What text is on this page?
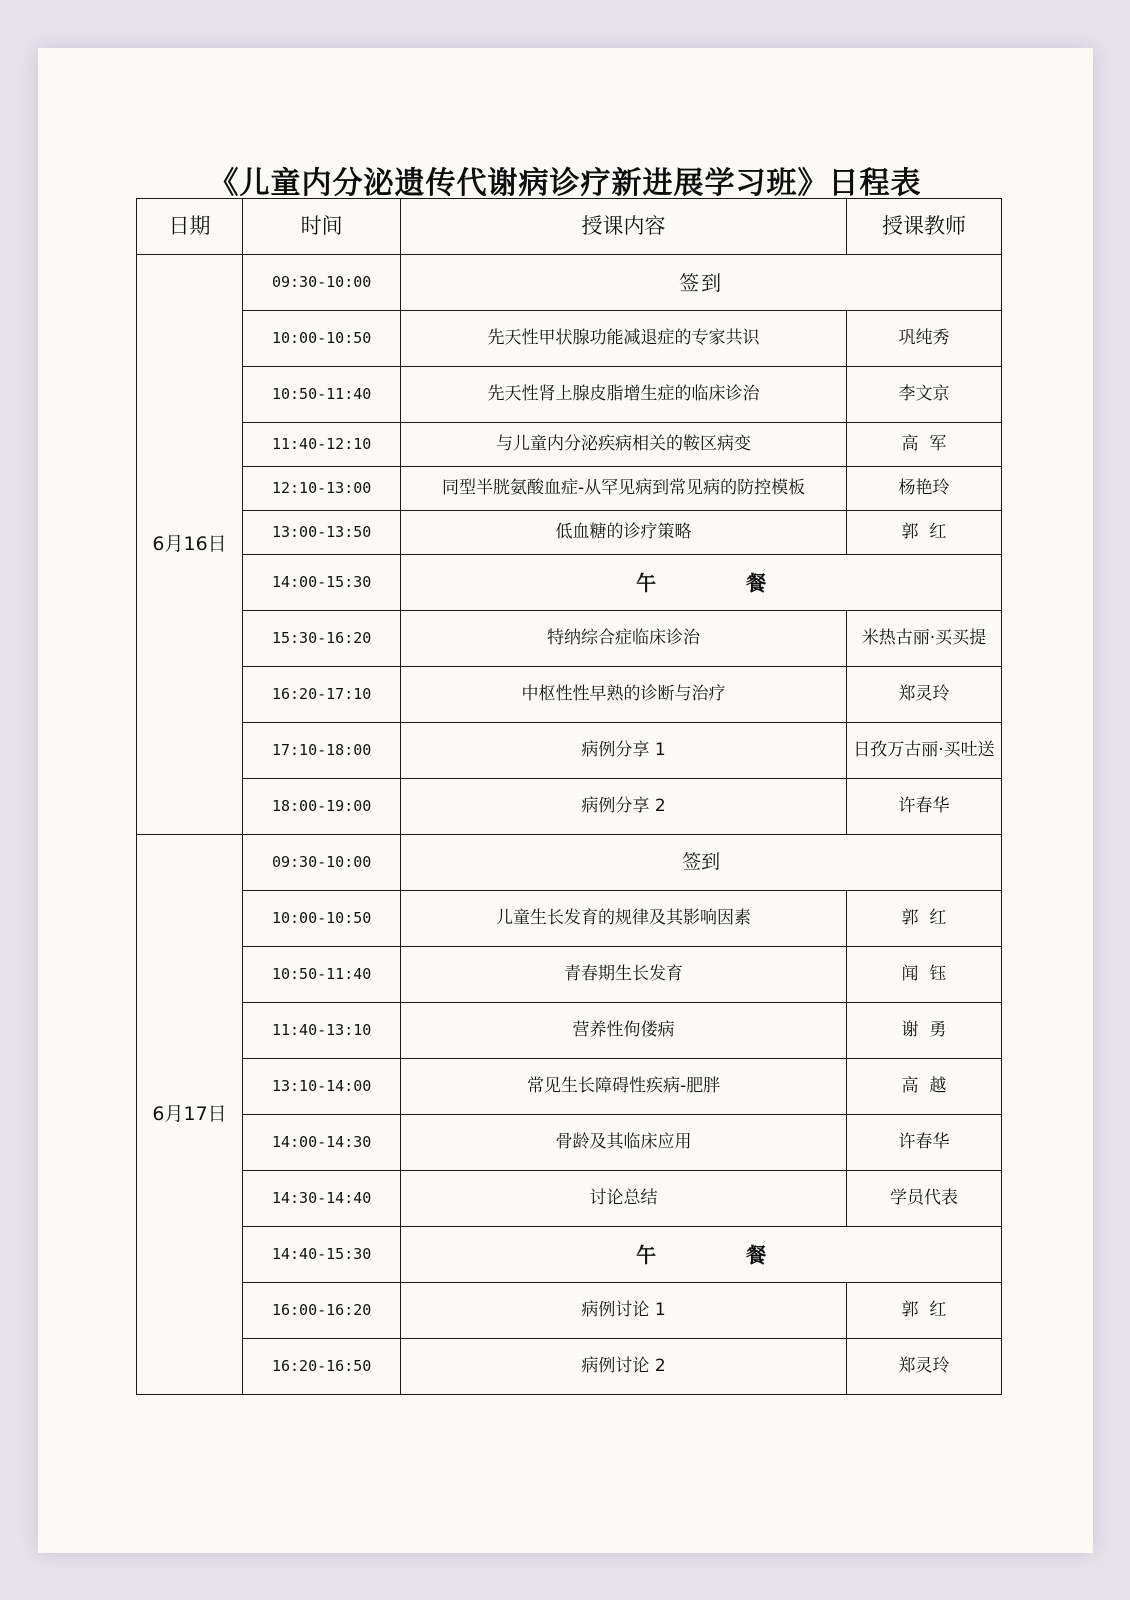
《儿童内分泌遗传代谢病诊疗新进展学习班》日程表
日期	时间	授课内容	授课教师
6月16日	09:30-10:00	签到	
	10:00-10:50	先天性甲状腺功能减退症的专家共识	巩纯秀
	10:50-11:40	先天性肾上腺皮脂增生症的临床诊治	李文京
	11:40-12:10	与儿童内分泌疾病相关的鞍区病变	高  军
	12:10-13:00	同型半胱氨酸血症-从罕见病到常见病的防控模板	杨艳玲
	13:00-13:50	低血糖的诊疗策略	郭  红
	14:00-15:30	午 餐	
	15:30-16:20	特纳综合症临床诊治	米热古丽·买买提
	16:20-17:10	中枢性性早熟的诊断与治疗	郑灵玲
	17:10-18:00	病例分享 1	日孜万古丽·买吐送
	18:00-19:00	病例分享 2	许春华
6月17日	09:30-10:00	签到	
	10:00-10:50	儿童生长发育的规律及其影响因素	郭  红
	10:50-11:40	青春期生长发育	闻  钰
	11:40-13:10	营养性佝偻病	谢  勇
	13:10-14:00	常见生长障碍性疾病-肥胖	高  越
	14:00-14:30	骨龄及其临床应用	许春华
	14:30-14:40	讨论总结	学员代表
	14:40-15:30	午 餐	
	16:00-16:20	病例讨论 1	郭  红
	16:20-16:50	病例讨论 2	郑灵玲
